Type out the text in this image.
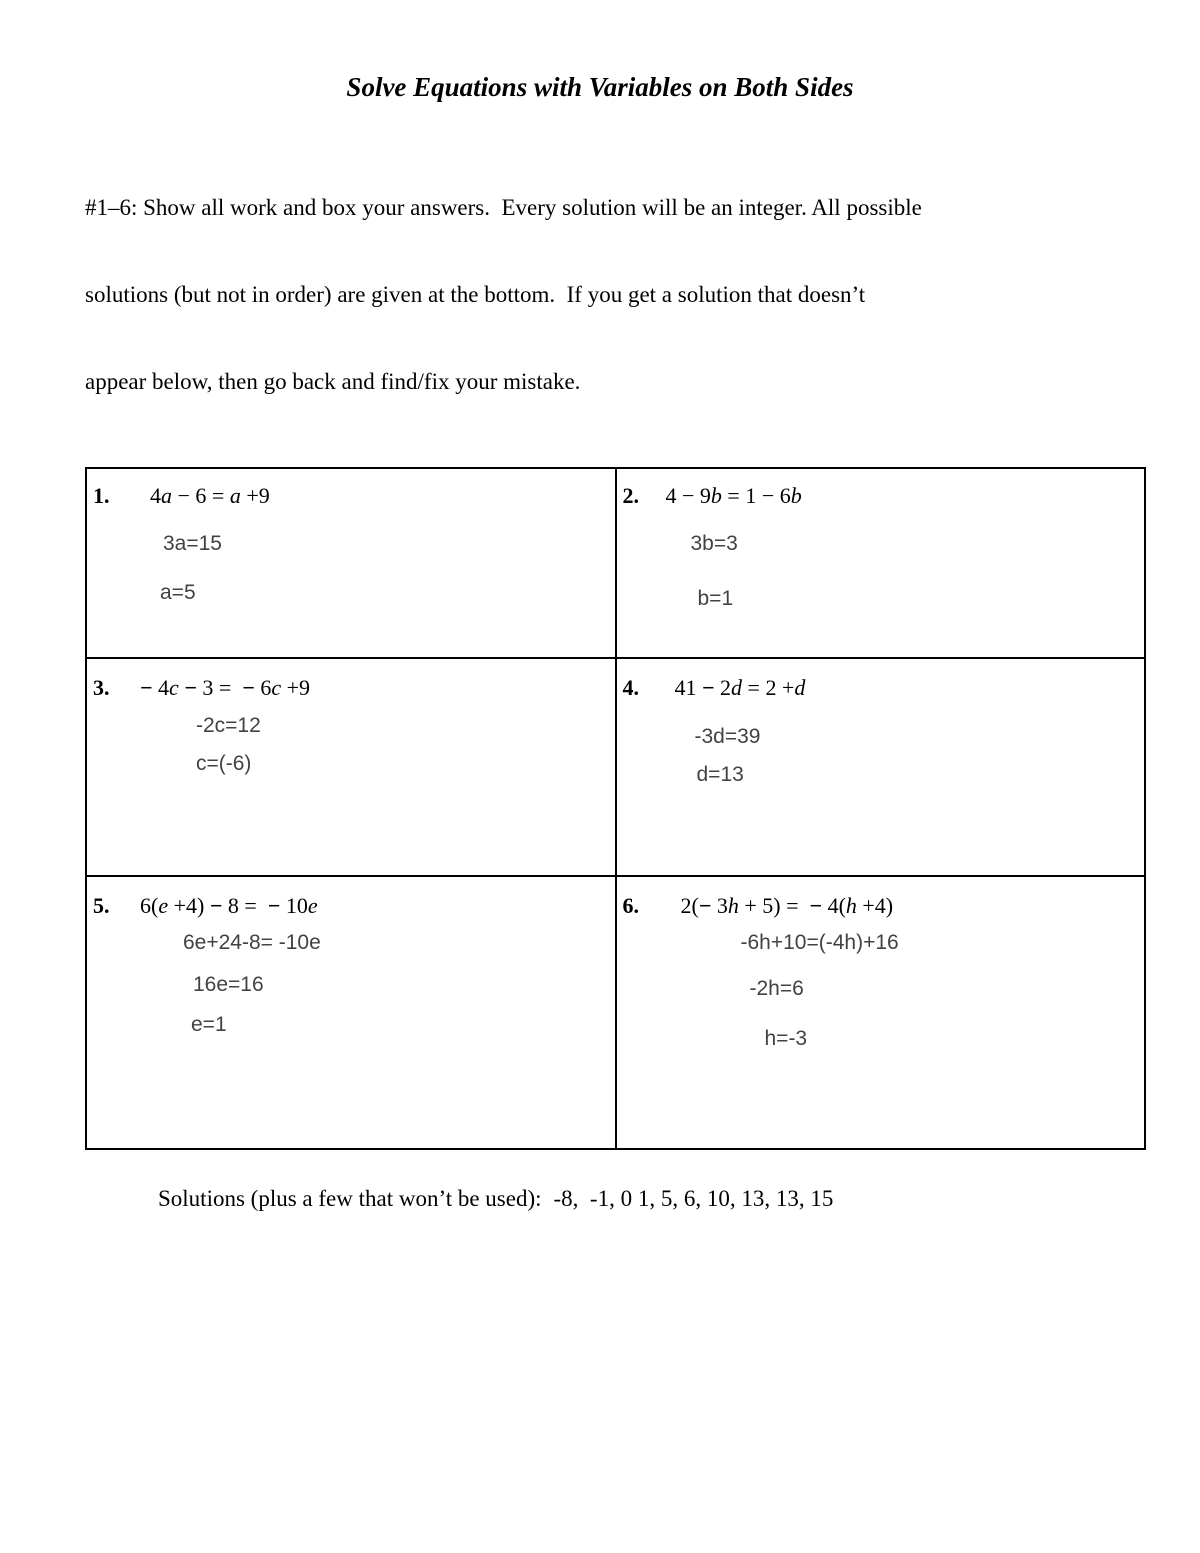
Solve Equations with Variables on Both Sides

#1–6: Show all work and box your answers.  Every solution will be an integer. All possible

solutions (but not in order) are given at the bottom.  If you get a solution that doesn’t

appear below, then go back and find/fix your mistake.

1.	4a − 6 = a +9
3a=15
a=5

2.	4 − 9b = 1 − 6b
3b=3
b=1

3.	− 4c − 3 =  − 6c +9
-2c=12
c=(-6)

4.	41 − 2d = 2 +d
-3d=39
d=13

5.	6(e +4) − 8 =  − 10e
6e+24-8= -10e
16e=16
e=1

6.	2(− 3h + 5) =  − 4(h +4)
-6h+10=(-4h)+16
-2h=6
h=-3

Solutions (plus a few that won’t be used): -8,  -1, 0 1, 5, 6, 10, 13, 13, 15
